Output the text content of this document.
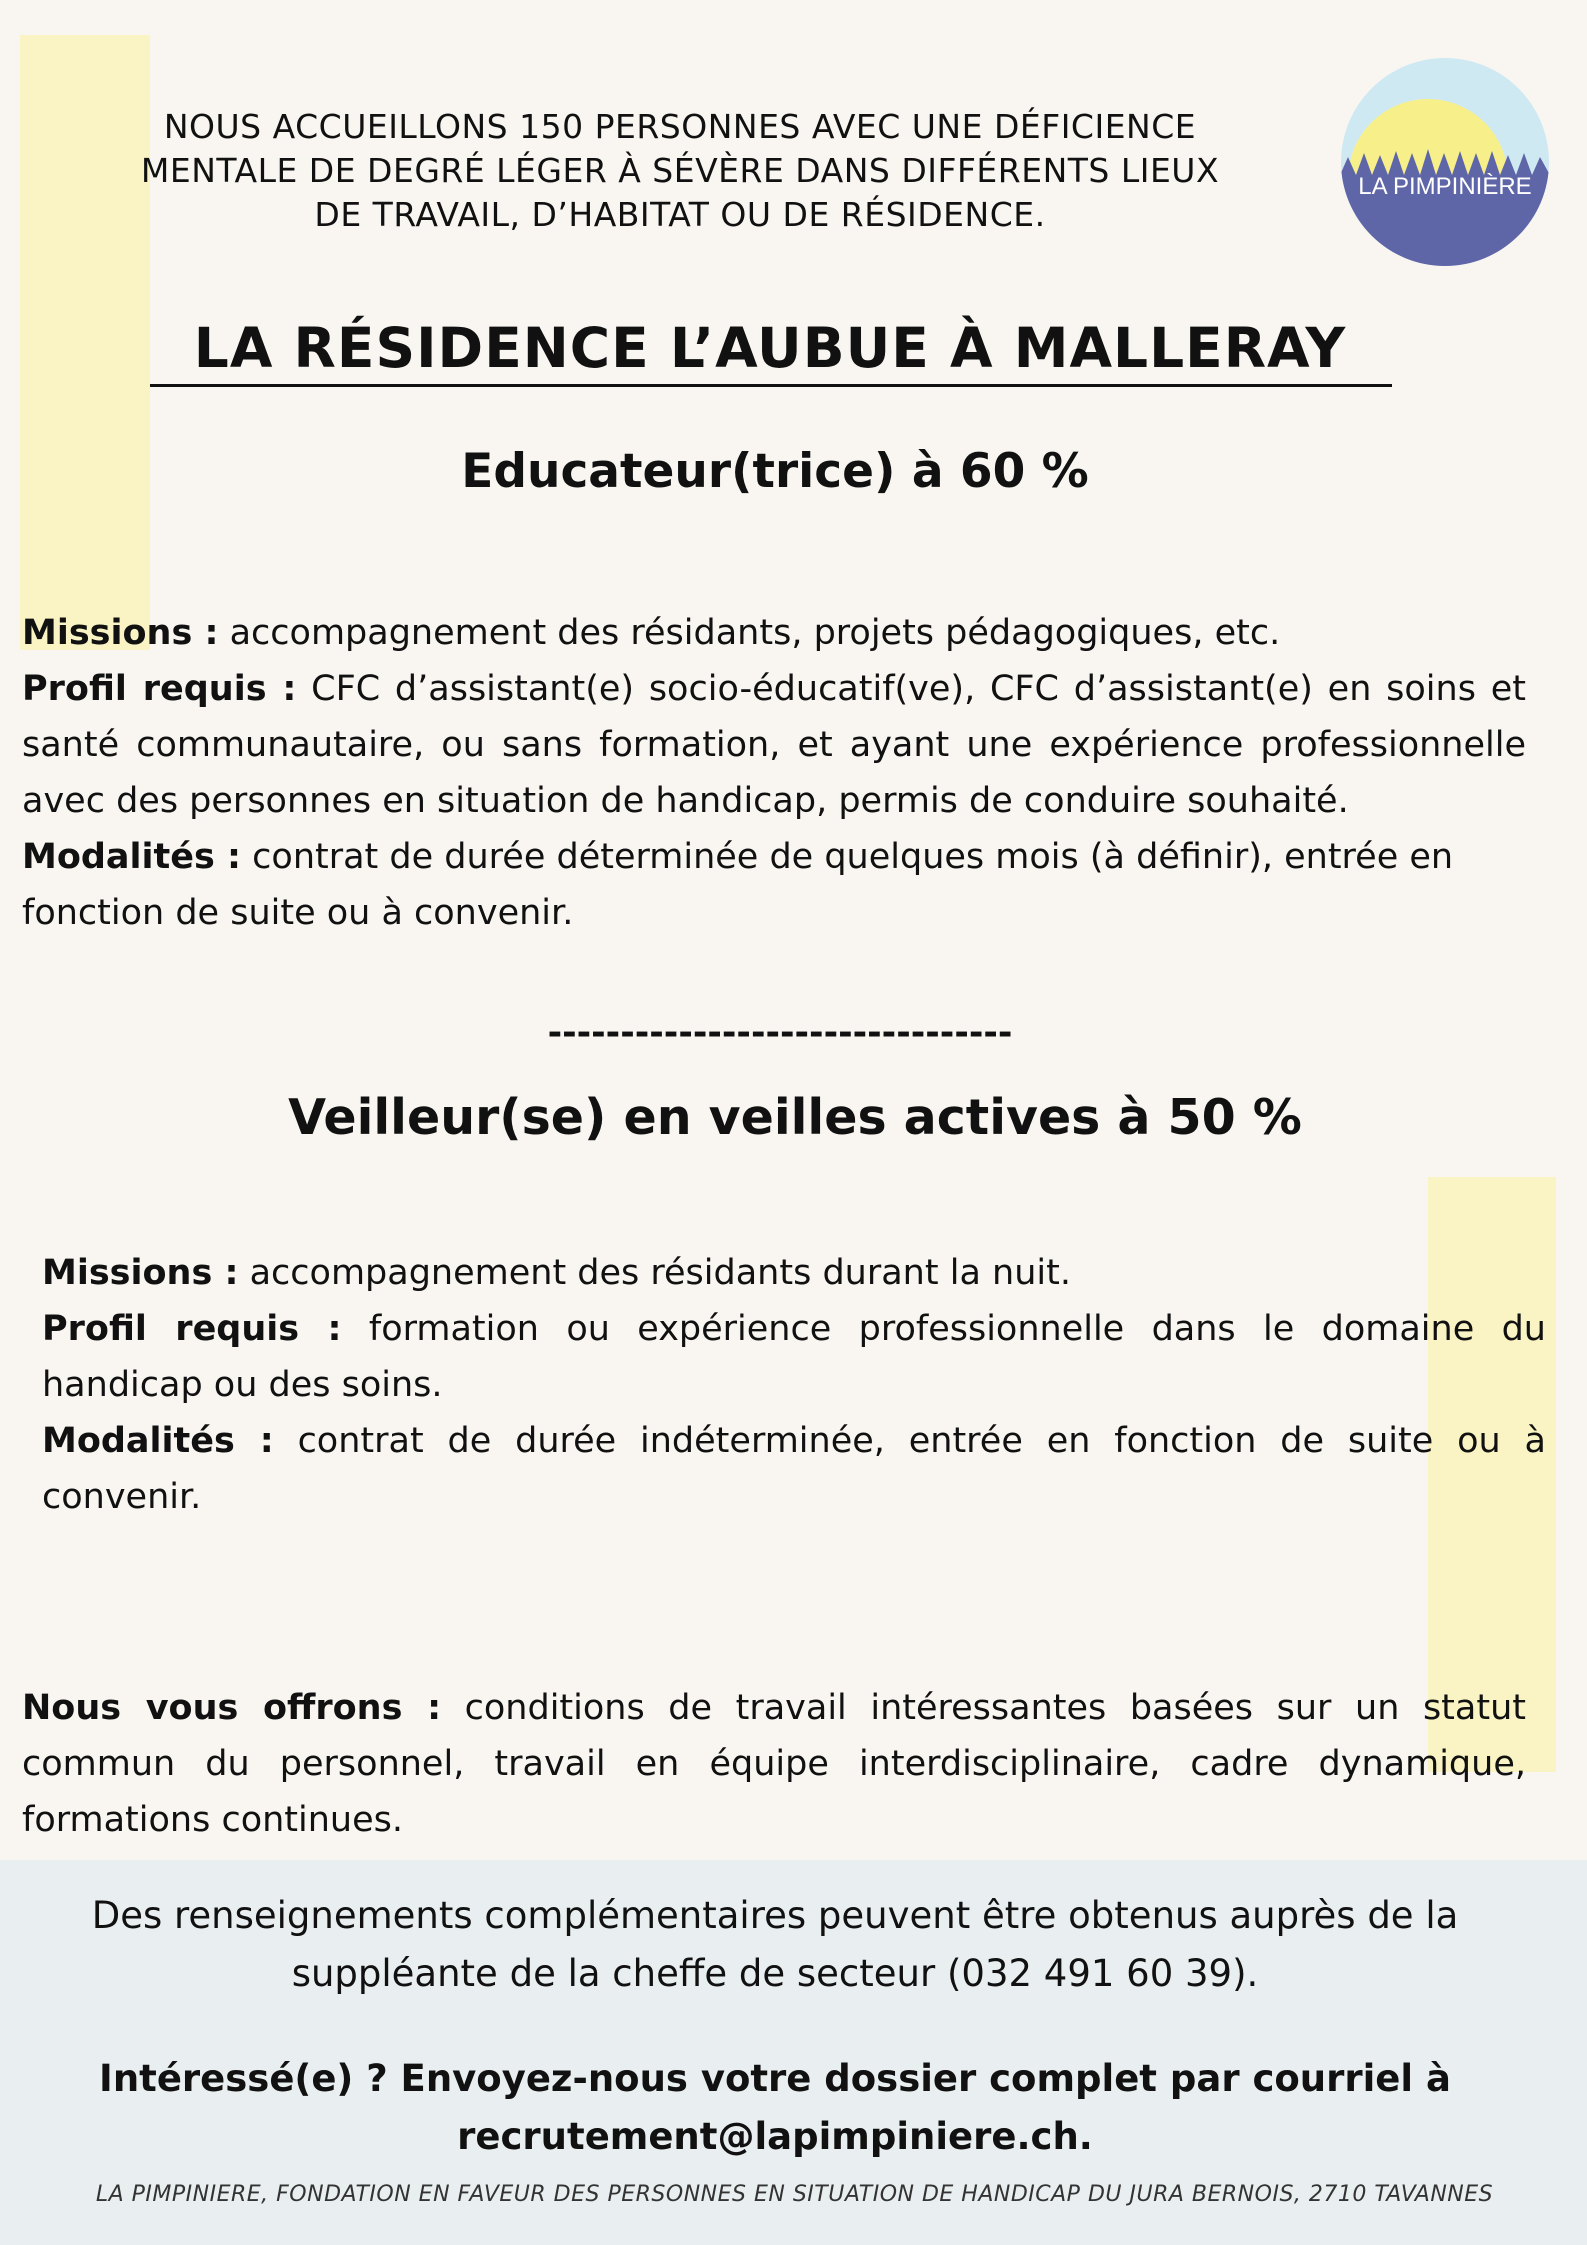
NOUS ACCUEILLONS 150 PERSONNES AVEC UNE DÉFICIENCE
MENTALE DE DEGRÉ LÉGER À SÉVÈRE DANS DIFFÉRENTS LIEUX
DE TRAVAIL, D’HABITAT OU DE RÉSIDENCE.
LA PIMPINIÈRE
LA RÉSIDENCE L’AUBUE À MALLERAY
Educateur(trice) à 60 %

Missions : accompagnement des résidants, projets pédagogiques, etc.

Profil requis : CFC d’assistant(e) socio-éducatif(ve), CFC d’assistant(e) en soins et santé communautaire, ou sans formation, et ayant une expérience professionnelle avec des personnes en situation de handicap, permis de conduire souhaité.

Modalités : contrat de durée déterminée de quelques mois (à définir), entrée en fonction de suite ou à convenir.

--------------------------------
Veilleur(se) en veilles actives à 50 %

Missions : accompagnement des résidants durant la nuit.

Profil requis : formation ou expérience professionnelle dans le domaine du handicap ou des soins.

Modalités : contrat de durée indéterminée, entrée en fonction de suite ou à convenir.

Nous vous offrons : conditions de travail intéressantes basées sur un statut commun du personnel, travail en équipe interdisciplinaire, cadre dynamique, formations continues.

Des renseignements complémentaires peuvent être obtenus auprès de la
suppléante de la cheffe de secteur (032 491 60 39).
Intéressé(e) ? Envoyez-nous votre dossier complet par courriel à
recrutement@lapimpiniere.ch.
LA PIMPINIERE, FONDATION EN FAVEUR DES PERSONNES EN SITUATION DE HANDICAP DU JURA BERNOIS, 2710 TAVANNES
